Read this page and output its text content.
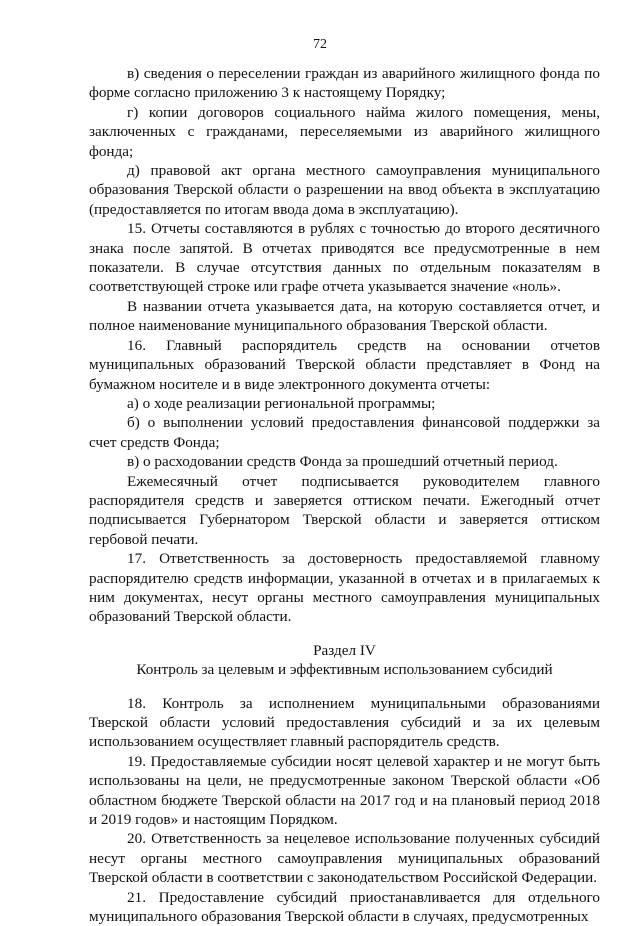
72

в) сведения о переселении граждан из аварийного жилищного фонда по форме согласно приложению 3 к настоящему Порядку;

г) копии договоров социального найма жилого помещения, мены, заключенных с гражданами, переселяемыми из аварийного жилищного фонда;

д) правовой акт органа местного самоуправления муниципального образования Тверской области о разрешении на ввод объекта в эксплуатацию (предоставляется по итогам ввода дома в эксплуатацию).

15. Отчеты составляются в рублях с точностью до второго десятичного знака после запятой. В отчетах приводятся все предусмотренные в нем показатели. В случае отсутствия данных по отдельным показателям в соответствующей строке или графе отчета указывается значение «ноль».

В названии отчета указывается дата, на которую составляется отчет, и полное наименование муниципального образования Тверской области.

16. Главный распорядитель средств на основании отчетов муниципальных образований Тверской области представляет в Фонд на бумажном носителе и в виде электронного документа отчеты:

а) о ходе реализации региональной программы;

б) о выполнении условий предоставления финансовой поддержки за счет средств Фонда;

в) о расходовании средств Фонда за прошедший отчетный период.

Ежемесячный отчет подписывается руководителем главного распорядителя средств и заверяется оттиском печати. Ежегодный отчет подписывается Губернатором Тверской области и заверяется оттиском гербовой печати.

17. Ответственность за достоверность предоставляемой главному распорядителю средств информации, указанной в отчетах и в прилагаемых к ним документах, несут органы местного самоуправления муниципальных образований Тверской области.

Раздел IV

Контроль за целевым и эффективным использованием субсидий

18. Контроль за исполнением муниципальными образованиями Тверской области условий предоставления субсидий и за их целевым использованием осуществляет главный распорядитель средств.

19. Предоставляемые субсидии носят целевой характер и не могут быть использованы на цели, не предусмотренные законом Тверской области «Об областном бюджете Тверской области на 2017 год и на плановый период 2018 и 2019 годов» и настоящим Порядком.

20. Ответственность за нецелевое использование полученных субсидий несут органы местного самоуправления муниципальных образований Тверской области в соответствии с законодательством Российской Федерации.

21. Предоставление субсидий приостанавливается для отдельного муниципального образования Тверской области в случаях, предусмотренных
